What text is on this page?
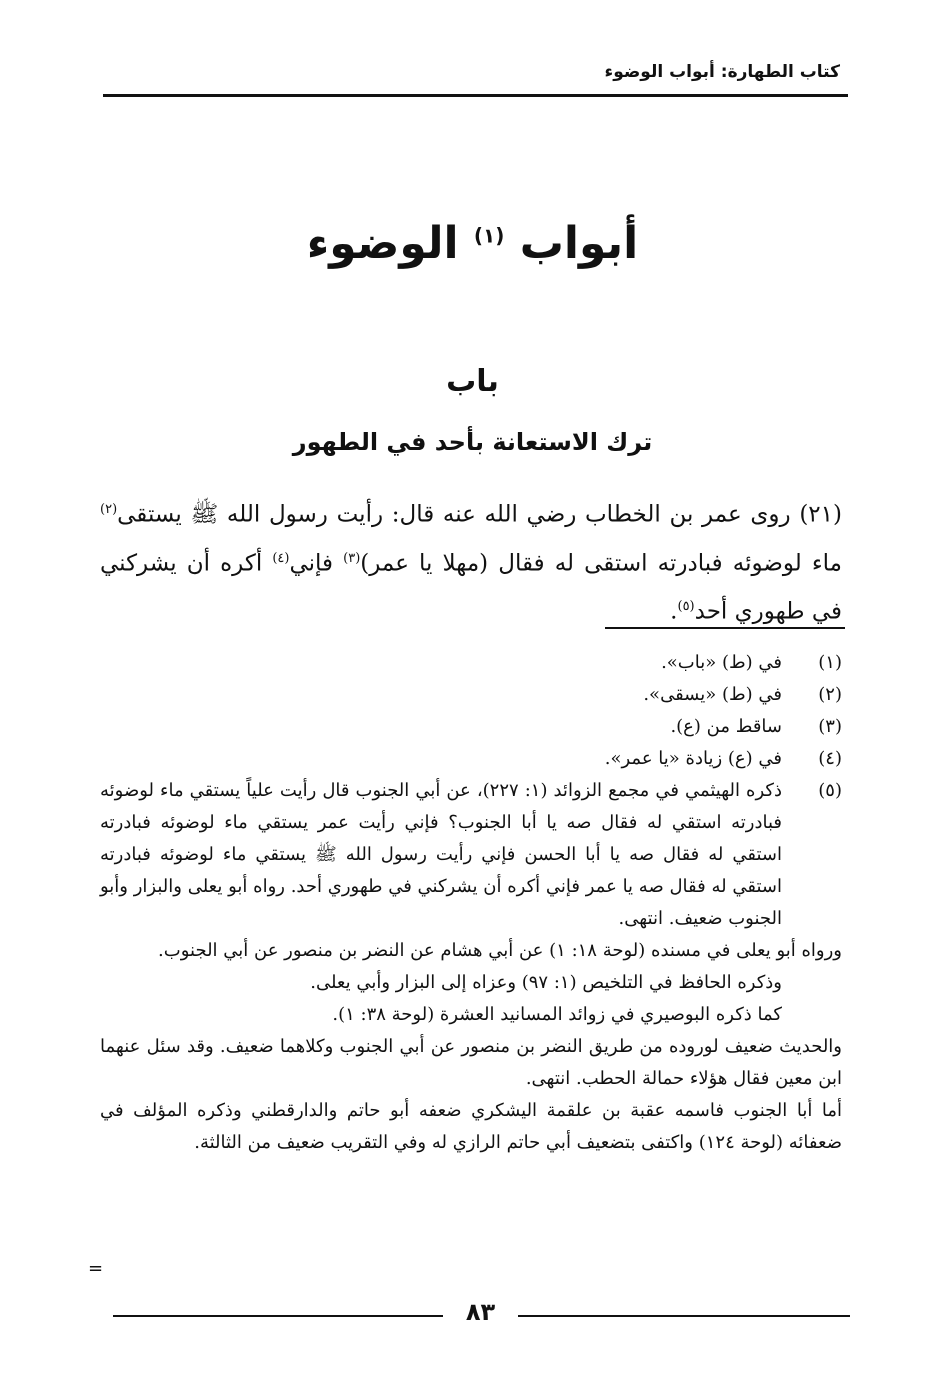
كتاب الطهارة: أبواب الوضوء
أبواب $^{(١)}$ الوضوء
باب
ترك الاستعانة بأحد في الطهور
(٢١) روى عمر بن الخطاب رضي الله عنه قال: رأيت رسول الله ﷺ يستقى$^{(٢)}$ ماء لوضوئه فبادرته استقى له فقال (مهلا يا عمر)$^{(٣)}$ فإني$^{(٤)}$ أكره أن يشركني في طهوري أحد$^{(٥)}$.
(١)
في (ط) «باب».
(٢)
في (ط) «يسقى».
(٣)
ساقط من (ع).
(٤)
في (ع) زيادة «يا عمر».
(٥)
ذكره الهيثمي في مجمع الزوائد (١: ٢٢٧)، عن أبي الجنوب قال رأيت علياً يستقي ماء لوضوئه فبادرته استقي له فقال صه يا أبا الجنوب؟ فإني رأيت عمر يستقي ماء لوضوئه فبادرته استقي له فقال صه يا أبا الحسن فإني رأيت رسول الله ﷺ يستقي ماء لوضوئه فبادرته استقي له فقال صه يا عمر فإني أكره أن يشركني في طهوري أحد. رواه أبو يعلى والبزار وأبو الجنوب ضعيف. انتهى.
ورواه أبو يعلى في مسنده (لوحة ١٨: ١) عن أبي هشام عن النضر بن منصور عن أبي الجنوب.
وذكره الحافظ في التلخيص (١: ٩٧) وعزاه إلى البزار وأبي يعلى.
كما ذكره البوصيري في زوائد المسانيد العشرة (لوحة ٣٨: ١).
والحديث ضعيف لوروده من طريق النضر بن منصور عن أبي الجنوب وكلاهما ضعيف. وقد سئل عنهما ابن معين فقال هؤلاء حمالة الحطب. انتهى.
أما أبا الجنوب فاسمه عقبة بن علقمة اليشكري ضعفه أبو حاتم والدارقطني وذكره المؤلف في ضعفائه (لوحة ١٢٤) واكتفى بتضعيف أبي حاتم الرازي له وفي التقريب ضعيف من الثالثة.
=
٨٣
